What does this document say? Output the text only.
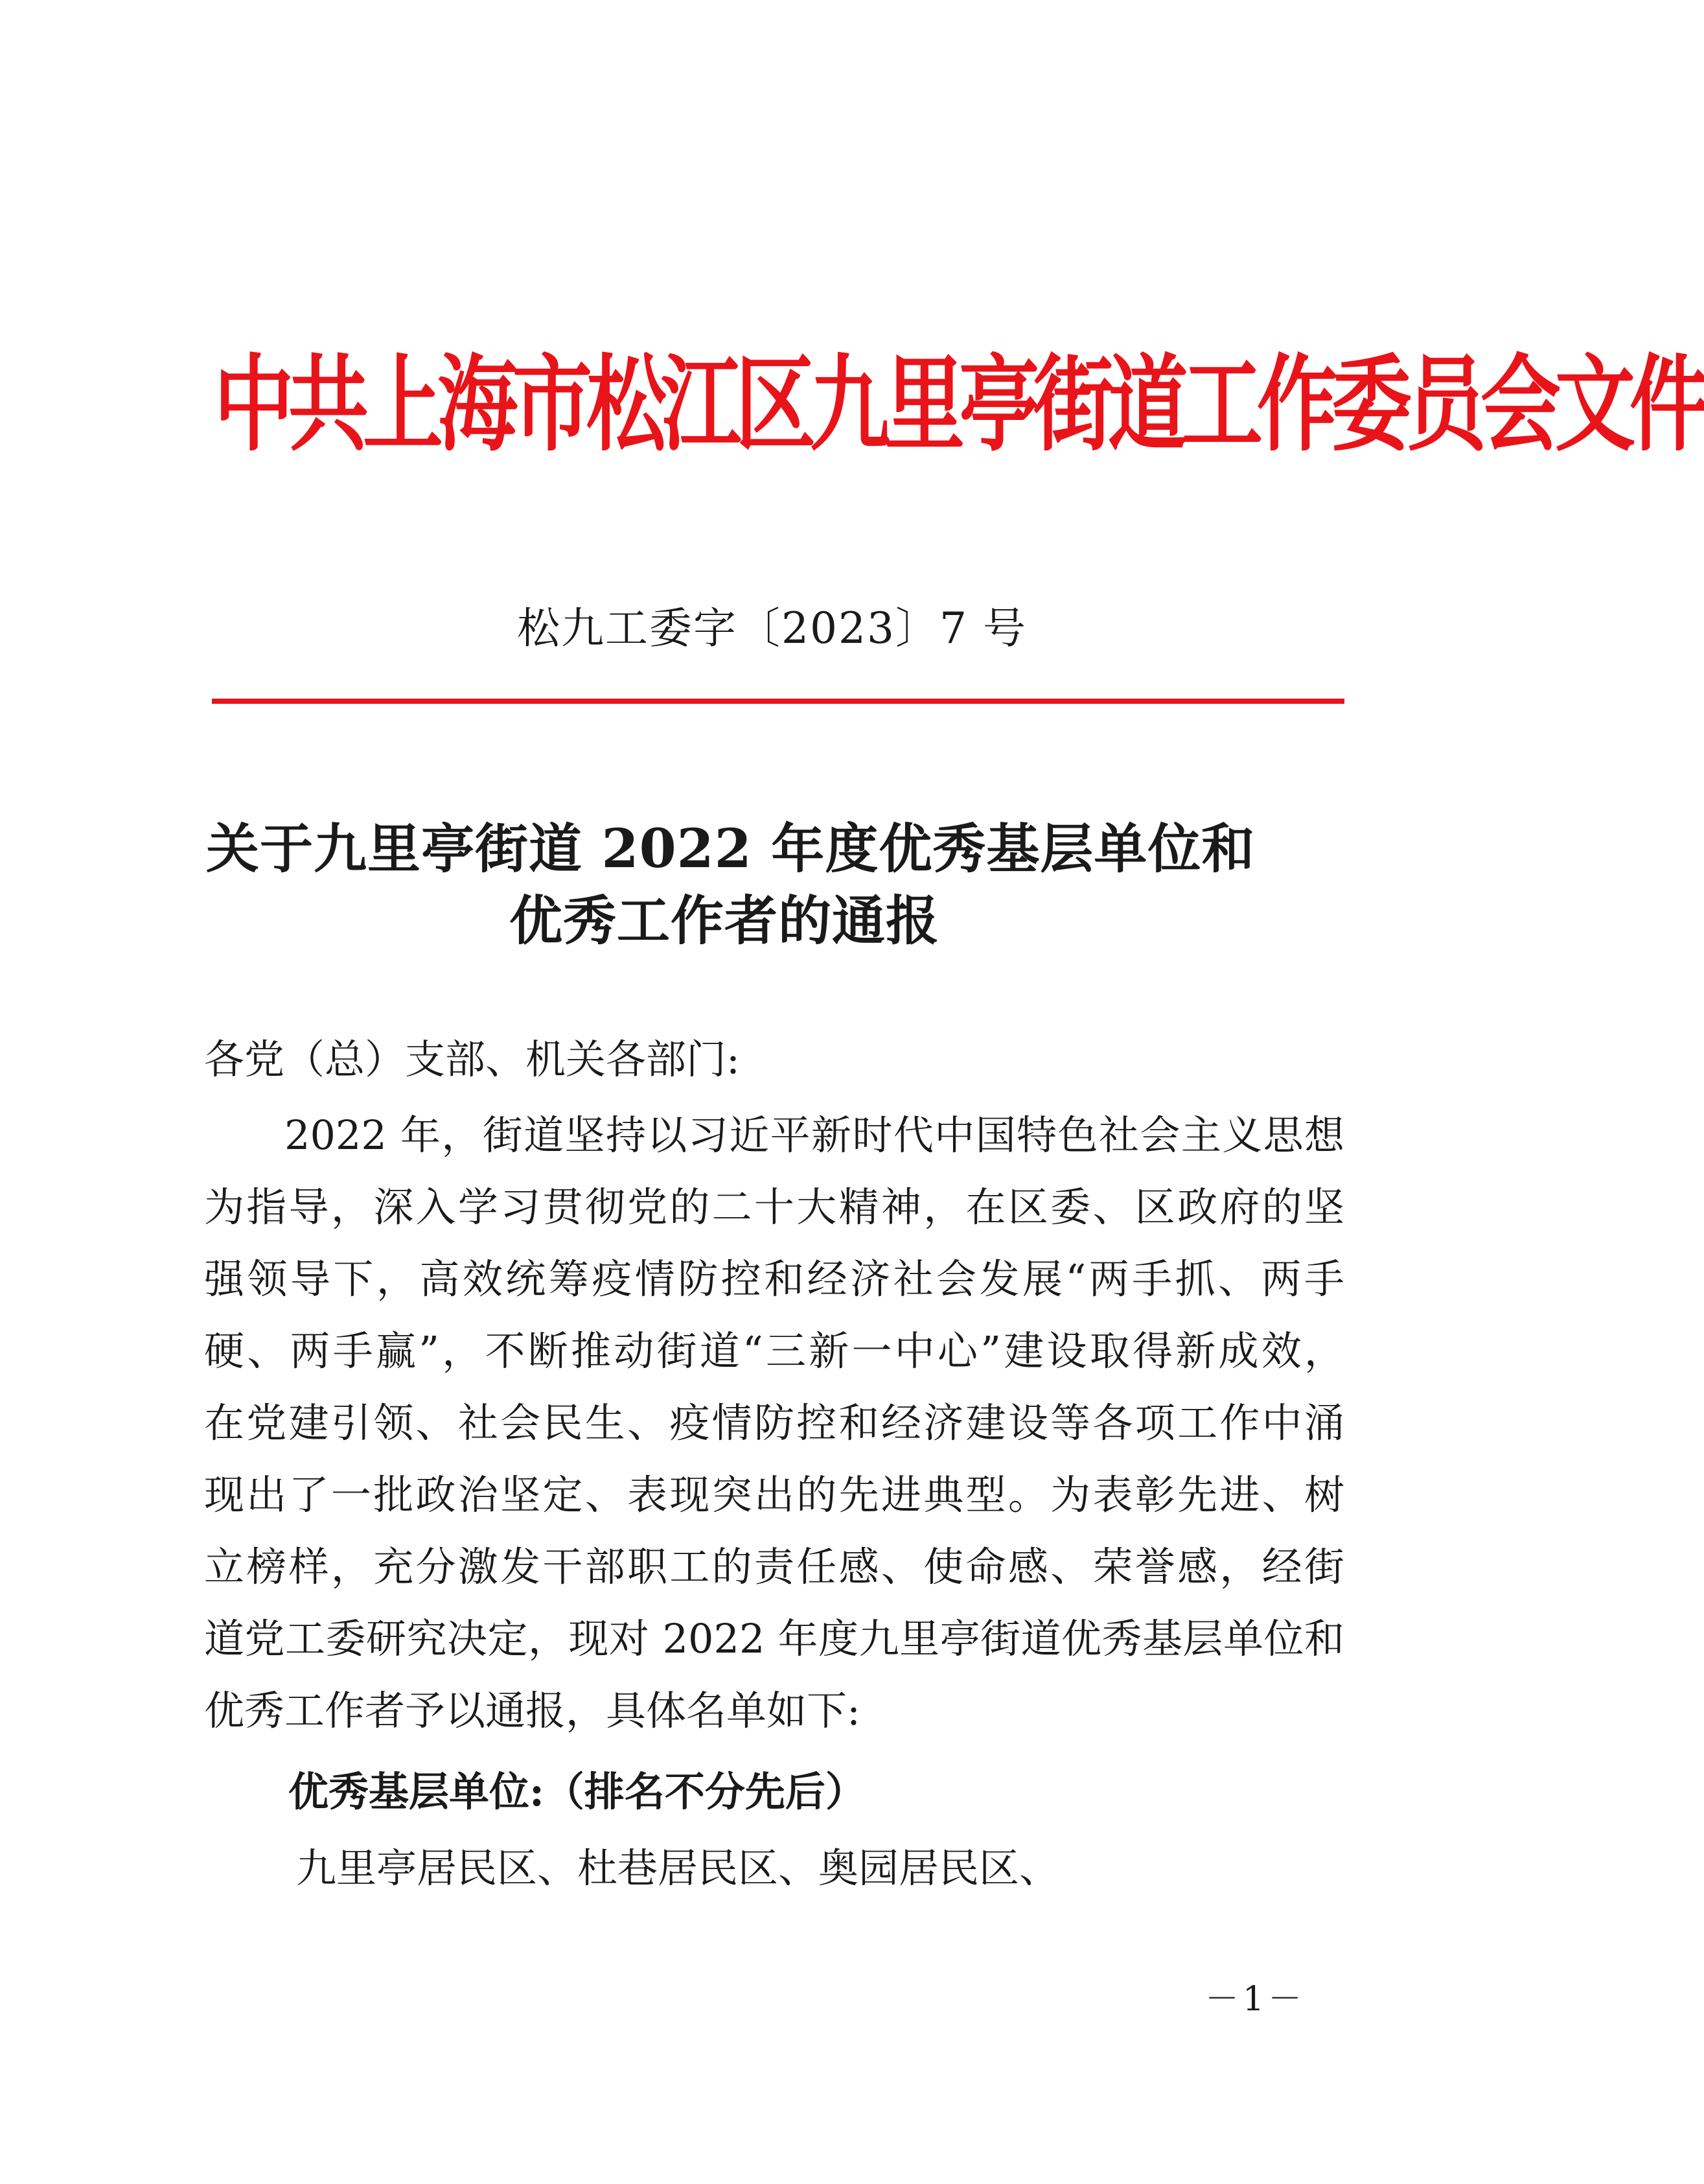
中共上海市松江区九里亭街道工作委员会文件
松九工委字〔2023〕7 号
关于九里亭街道 2022 年度优秀基层单位和
优秀工作者的通报
各党（总）支部、机关各部门:
2022 年，街道坚持以习近平新时代中国特色社会主义思想
为指导，深入学习贯彻党的二十大精神，在区委、区政府的坚
强领导下，高效统筹疫情防控和经济社会发展“两手抓、两手
硬、两手赢”，不断推动街道“三新一中心”建设取得新成效，
在党建引领、社会民生、疫情防控和经济建设等各项工作中涌
现出了一批政治坚定、表现突出的先进典型。为表彰先进、树
立榜样，充分激发干部职工的责任感、使命感、荣誉感，经街
道党工委研究决定，现对 2022 年度九里亭街道优秀基层单位和
优秀工作者予以通报，具体名单如下:
优秀基层单位:（排名不分先后）
九里亭居民区、杜巷居民区、奥园居民区、
－1－
